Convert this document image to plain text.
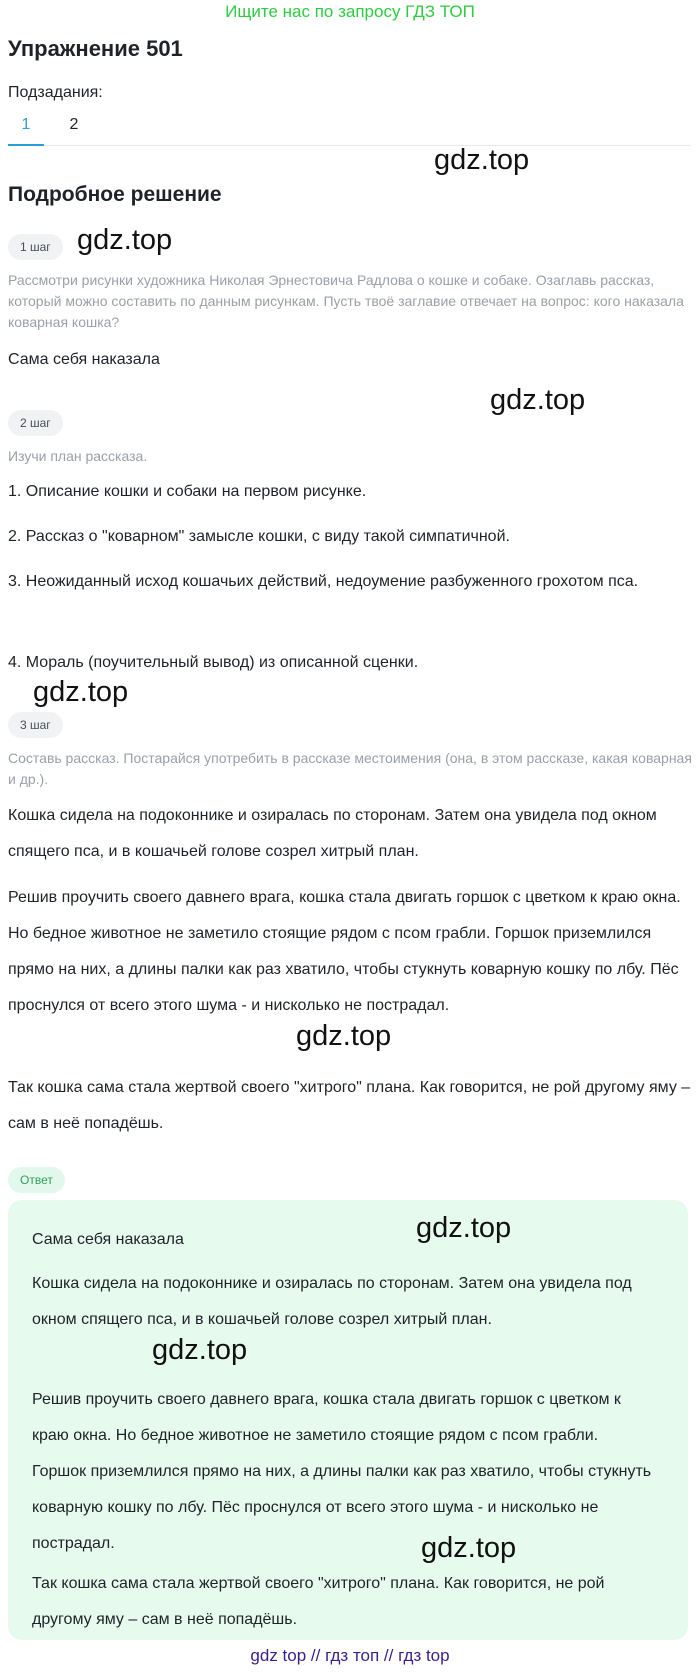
Ищите нас по запросу ГДЗ ТОП
Упражнение 501
Подзадания:
1	2
Подробное решение
gdz.top
gdz.top
gdz.top
gdz.top
gdz.top
1 шаг
Рассмотри рисунки художника Николая Эрнестовича Радлова о кошке и собаке. Озаглавь рассказ, который можно составить по данным рисункам. Пусть твоё заглавие отвечает на вопрос: кого наказала коварная кошка?
Сама себя наказала
2 шаг
Изучи план рассказа.
1. Описание кошки и собаки на первом рисунке.
2. Рассказ о "коварном" замысле кошки, с виду такой симпатичной.
3. Неожиданный исход кошачьих действий, недоумение разбуженного грохотом пса.
4. Мораль (поучительный вывод) из описанной сценки.
3 шаг
Составь рассказ. Постарайся употребить в рассказе местоимения (она, в этом рассказе, какая коварная и др.).
Кошка сидела на подоконнике и озиралась по сторонам. Затем она увидела под окном спящего пса, и в кошачьей голове созрел хитрый план.
Решив проучить своего давнего врага, кошка стала двигать горшок с цветком к краю окна. Но бедное животное не заметило стоящие рядом с псом грабли. Горшок приземлился прямо на них, а длины палки как раз хватило, чтобы стукнуть коварную кошку по лбу. Пёс проснулся от всего этого шума - и нисколько не пострадал.
Так кошка сама стала жертвой своего "хитрого" плана. Как говорится, не рой другому яму – сам в неё попадёшь.
Ответ
Сама себя наказала
Кошка сидела на подоконнике и озиралась по сторонам. Затем она увидела под окном спящего пса, и в кошачьей голове созрел хитрый план.
Решив проучить своего давнего врага, кошка стала двигать горшок с цветком к краю окна. Но бедное животное не заметило стоящие рядом с псом грабли. Горшок приземлился прямо на них, а длины палки как раз хватило, чтобы стукнуть коварную кошку по лбу. Пёс проснулся от всего этого шума - и нисколько не пострадал.
Так кошка сама стала жертвой своего "хитрого" плана. Как говорится, не рой другому яму – сам в неё попадёшь.
gdz.top
gdz.top
gdz.top
gdz top // гдз топ // гдз top
